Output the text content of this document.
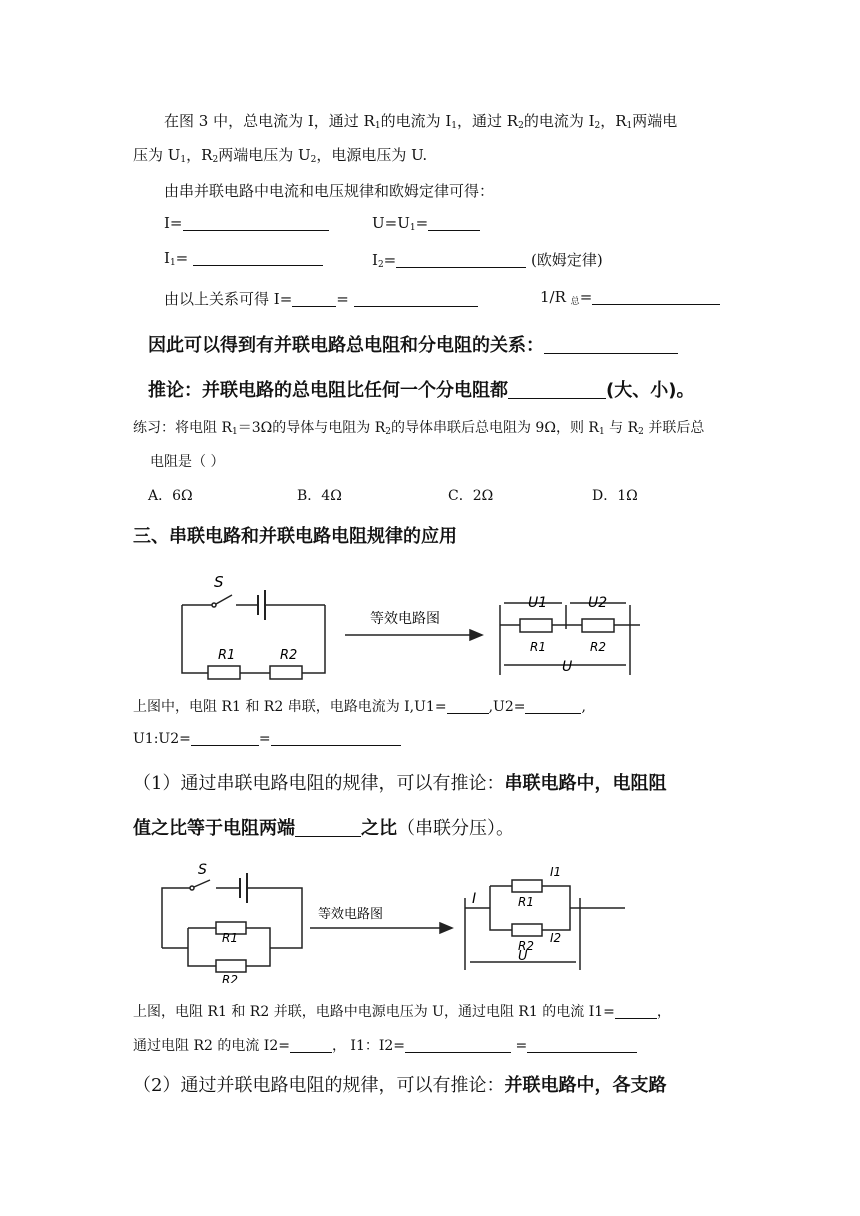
在图 3 中，总电流为 I，通过 $R_1$的电流为 $I_1$，通过 $R_2$的电流为 $I_2$，$R_1$两端电
压为 $U_1$，$R_2$两端电压为 $U_2$，电源电压为 U.
由串并联电路中电流和电压规律和欧姆定律可得：
I=	$U=U_1=$
$I_1=$	$I_2=$	(欧姆定律)
由以上关系可得 I=	=	1/R $_总$=
因此可以得到有并联电路总电阻和分电阻的关系：
推论：并联电路的总电阻比任何一个分电阻都	(大、小)。
练习：将电阻 $R_1=3\Omega$的导体与电阻为 $R_2$的导体串联后总电阻为 9Ω，则 $R_1$ 与 $R_2$ 并联后总
电阻是（ ）
A．6Ω	B．4Ω	C．2Ω	D．1Ω
三、串联电路和并联电路电阻规律的应用
S
R1	R2
等效电路图
U1	U2
R1	R2
U
上图中，电阻 R1 和 R2 串联，电路电流为 I,U1=	,U2=	,
U1:U2=	=
（1）通过串联电路电阻的规律，可以有推论：串联电路中，电阻阻
值之比等于电阻两端	之比（串联分压）。
S
R1
R2
等效电路图
I
I1
R1
R2
I2
U
上图，电阻 R1 和 R2 并联，电路中电源电压为 U，通过电阻 R1 的电流 I1=	，
通过电阻 R2 的电流 I2=	， I1：I2=	=
（2）通过并联电路电阻的规律，可以有推论：并联电路中，各支路
